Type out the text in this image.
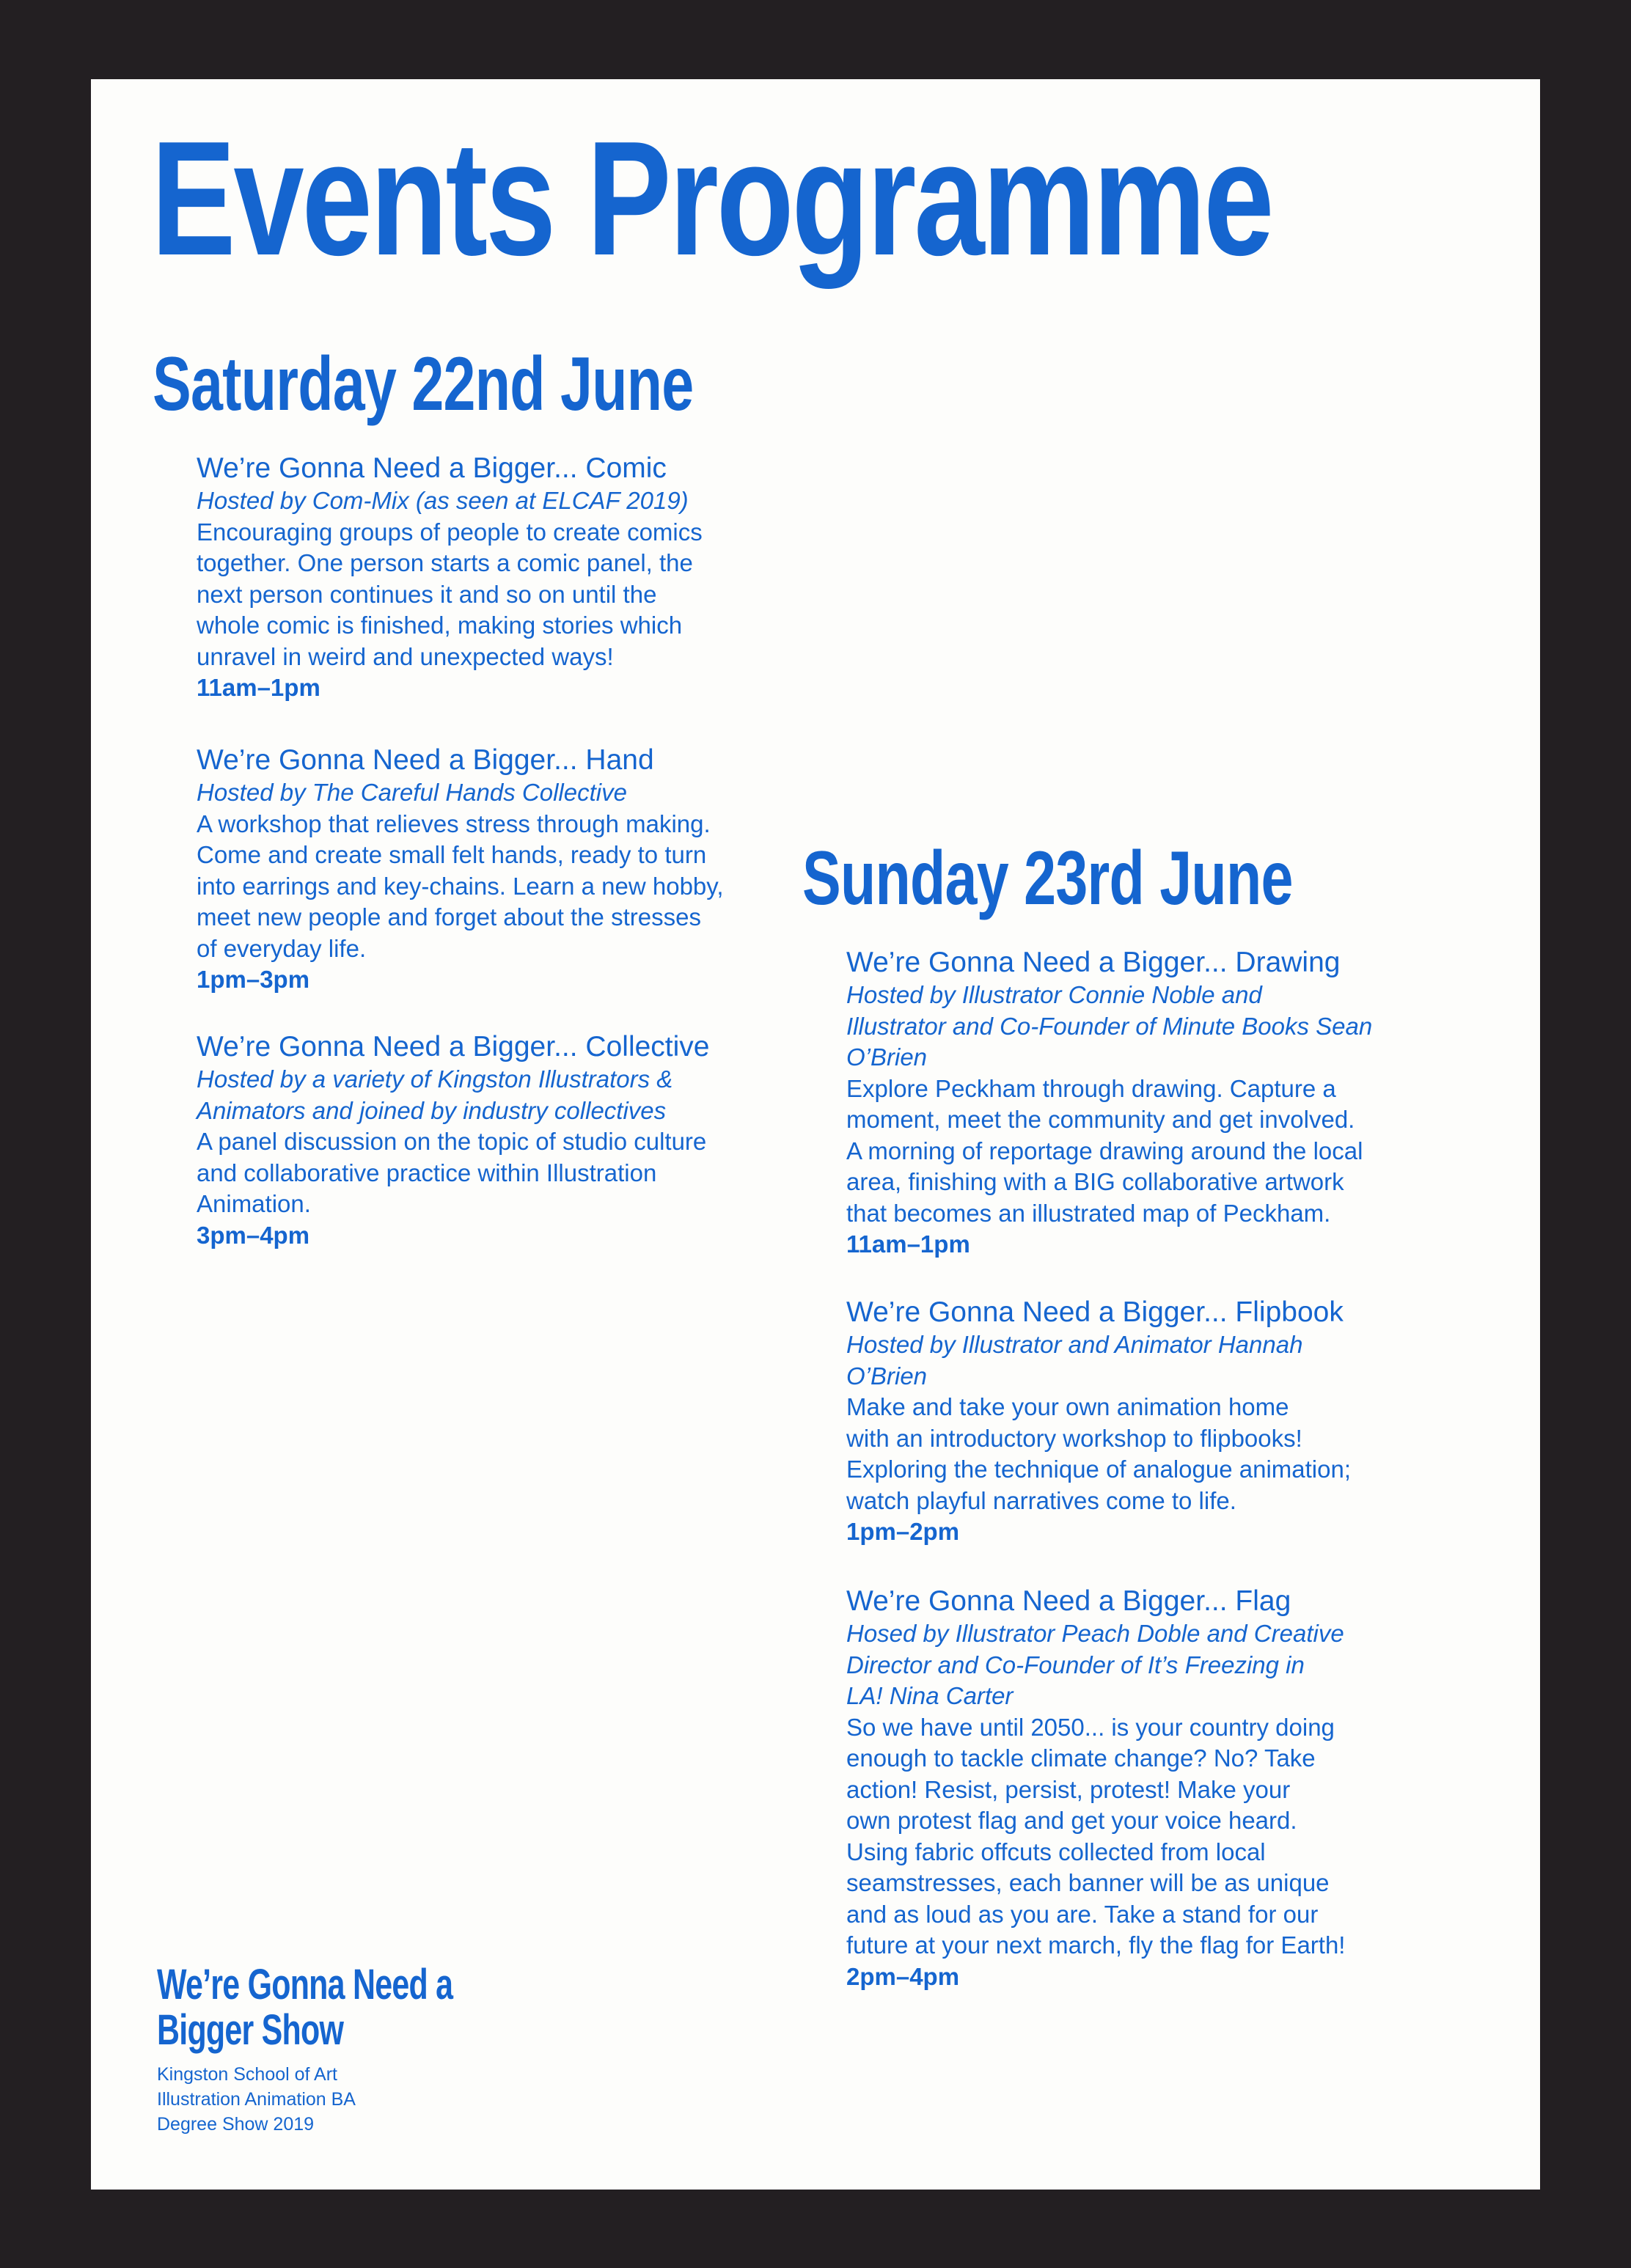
Events Programme
Saturday 22nd June
We’re Gonna Need a Bigger... Comic
Hosted by Com-Mix (as seen at ELCAF 2019)
Encouraging groups of people to create comics
together. One person starts a comic panel, the
next person continues it and so on until the
whole comic is finished, making stories which
unravel in weird and unexpected ways!
11am–1pm
We’re Gonna Need a Bigger... Hand
Hosted by The Careful Hands Collective
A workshop that relieves stress through making.
Come and create small felt hands, ready to turn
into earrings and key-chains. Learn a new hobby,
meet new people and forget about the stresses
of everyday life.
1pm–3pm
We’re Gonna Need a Bigger... Collective
Hosted by a variety of Kingston Illustrators &
Animators and joined by industry collectives
A panel discussion on the topic of studio culture
and collaborative practice within Illustration
Animation.
3pm–4pm
Sunday 23rd June
We’re Gonna Need a Bigger... Drawing
Hosted by Illustrator Connie Noble and
Illustrator and Co-Founder of Minute Books Sean
O’Brien
Explore Peckham through drawing. Capture a
moment, meet the community and get involved.
A morning of reportage drawing around the local
area, finishing with a BIG collaborative artwork
that becomes an illustrated map of Peckham.
11am–1pm
We’re Gonna Need a Bigger... Flipbook
Hosted by Illustrator and Animator Hannah
O’Brien
Make and take your own animation home
with an introductory workshop to flipbooks!
Exploring the technique of analogue animation;
watch playful narratives come to life.
1pm–2pm
We’re Gonna Need a Bigger... Flag
Hosed by Illustrator Peach Doble and Creative
Director and Co-Founder of It’s Freezing in
LA! Nina Carter
So we have until 2050... is your country doing
enough to tackle climate change? No? Take
action! Resist, persist, protest! Make your
own protest flag and get your voice heard.
Using fabric offcuts collected from local
seamstresses, each banner will be as unique
and as loud as you are. Take a stand for our
future at your next march, fly the flag for Earth!
2pm–4pm
We’re Gonna Need a
Bigger Show
Kingston School of Art
Illustration Animation BA
Degree Show 2019
